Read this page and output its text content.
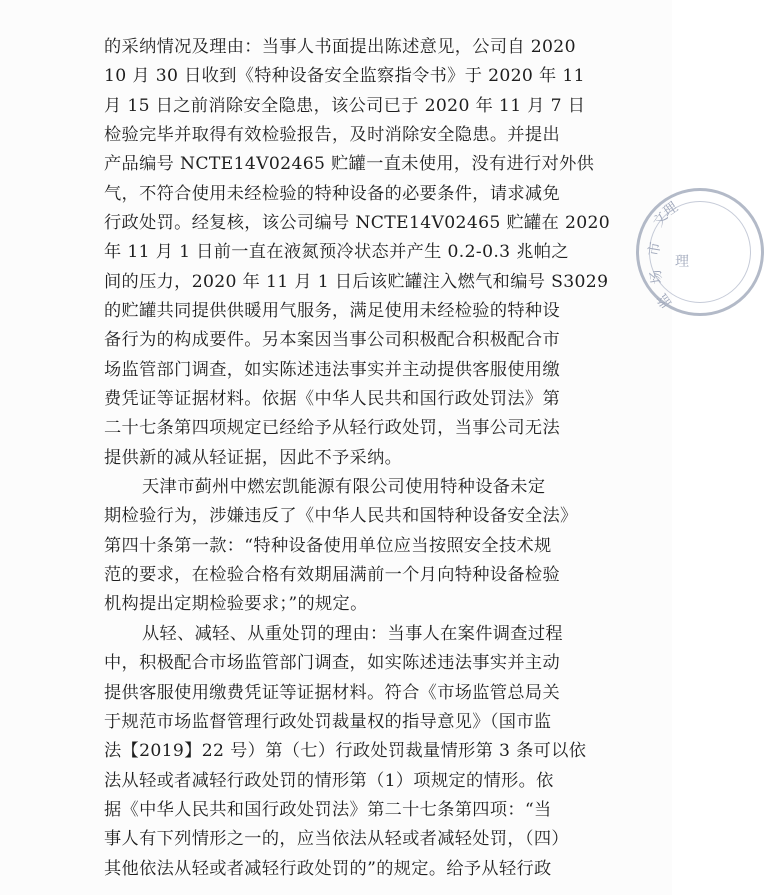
的采纳情况及理由：当事人书面提出陈述意见，公司自 2020
10 月 30 日收到《特种设备安全监察指令书》于 2020 年 11
月 15 日之前消除安全隐患，该公司已于 2020 年 11 月 7 日
检验完毕并取得有效检验报告，及时消除安全隐患。并提出
产品编号 NCTE14V02465 贮罐一直未使用，没有进行对外供
气，不符合使用未经检验的特种设备的必要条件，请求减免
行政处罚。经复核，该公司编号 NCTE14V02465 贮罐在 2020
年 11 月 1 日前一直在液氮预冷状态并产生 0.2-0.3 兆帕之
间的压力，2020 年 11 月 1 日后该贮罐注入燃气和编号 S3029
的贮罐共同提供供暖用气服务，满足使用未经检验的特种设
备行为的构成要件。另本案因当事公司积极配合积极配合市
场监管部门调查，如实陈述违法事实并主动提供客服使用缴
费凭证等证据材料。依据《中华人民共和国行政处罚法》第
二十七条第四项规定已经给予从轻行政处罚，当事公司无法
提供新的减从轻证据，因此不予采纳。
天津市蓟州中燃宏凯能源有限公司使用特种设备未定
期检验行为，涉嫌违反了《中华人民共和国特种设备安全法》
第四十条第一款：“特种设备使用单位应当按照安全技术规
范的要求，在检验合格有效期届满前一个月向特种设备检验
机构提出定期检验要求；”的规定。
从轻、减轻、从重处罚的理由：当事人在案件调查过程
中，积极配合市场监管部门调查，如实陈述违法事实并主动
提供客服使用缴费凭证等证据材料。符合《市场监管总局关
于规范市场监督管理行政处罚裁量权的指导意见》（国市监
法【2019】22 号）第（七）行政处罚裁量情形第 3 条可以依
法从轻或者减轻行政处罚的情形第（1）项规定的情形。依
据《中华人民共和国行政处罚法》第二十七条第四项：“当
事人有下列情形之一的，应当依法从轻或者减轻处罚，（四）
其他依法从轻或者减轻行政处罚的”的规定。给予从轻行政
文
市
场
监
理
理
